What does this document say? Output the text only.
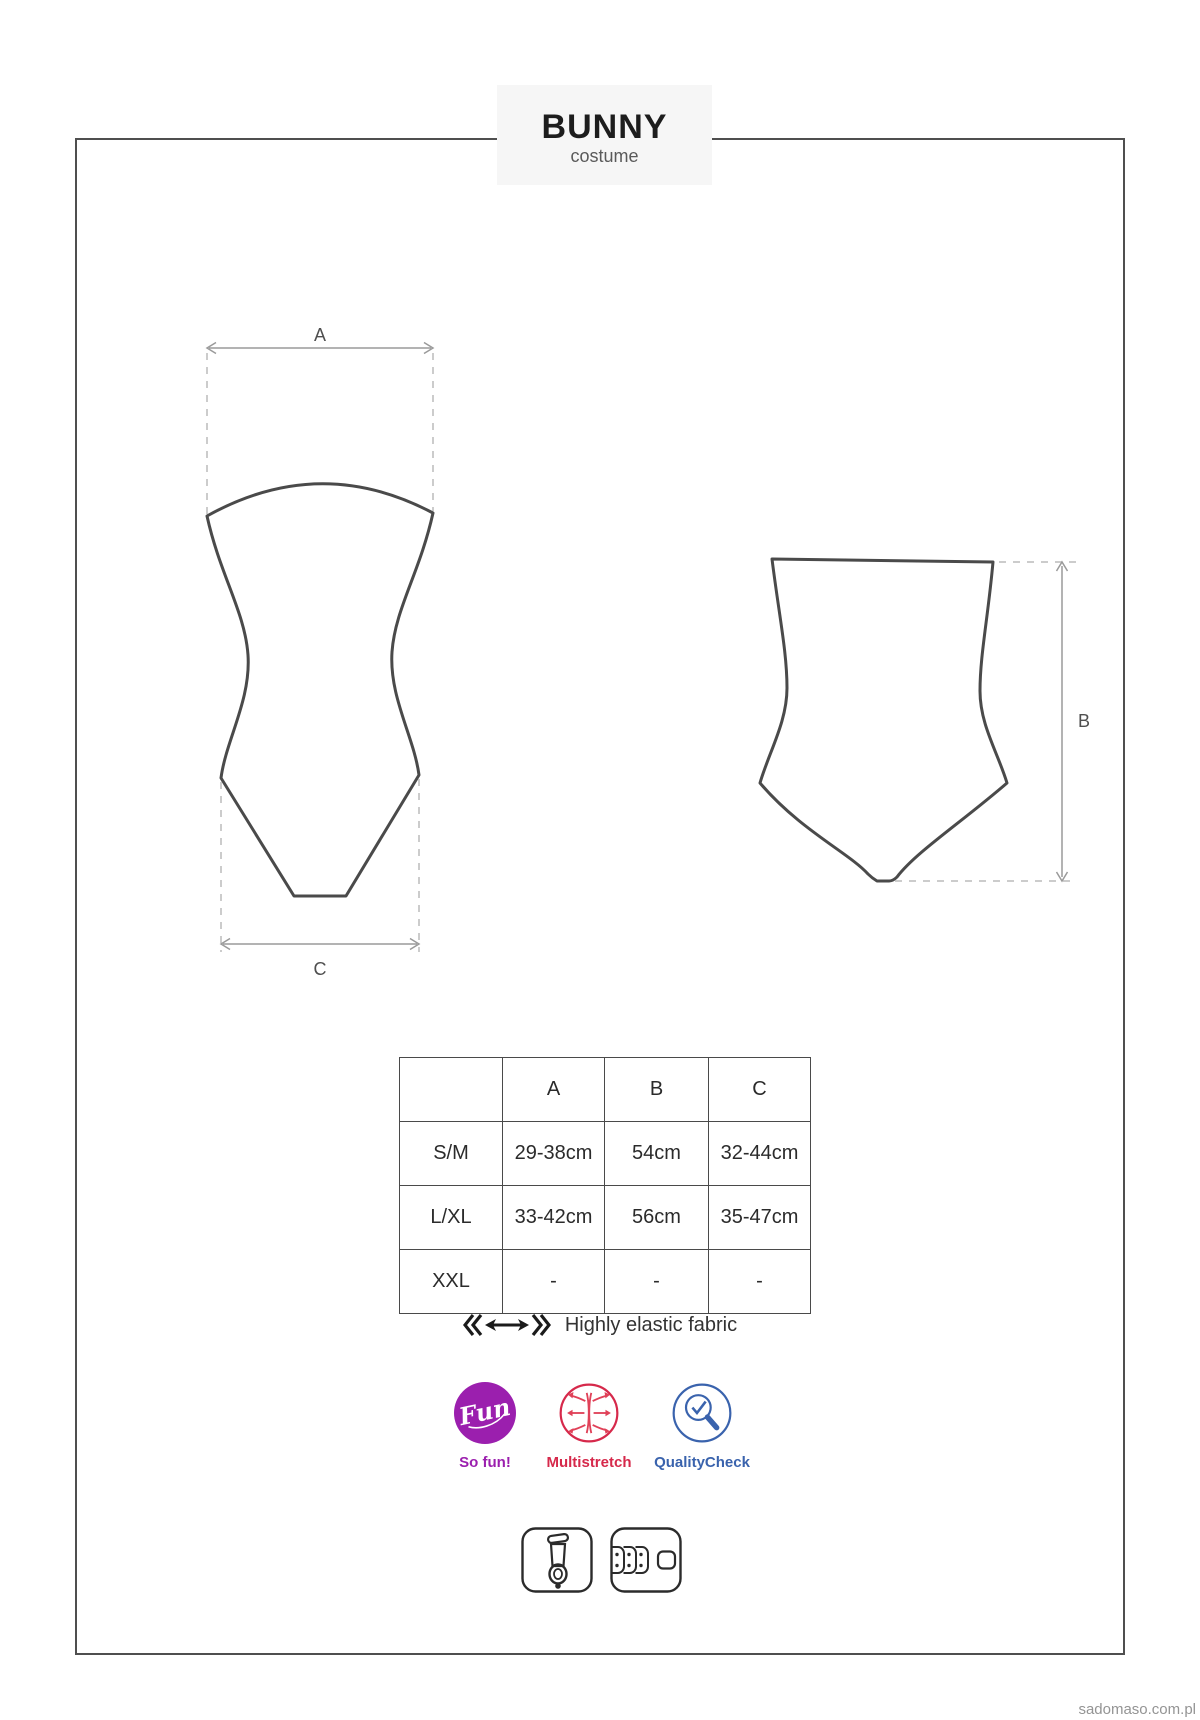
A
C
B
BUNNY
costume
	A	B	C
S/M	29-38cm	54cm	32-44cm
L/XL	33-42cm	56cm	35-47cm
XXL	-	-	-
Highly elastic fabric
Fun
So fun!	Multistretch	QualityCheck
sadomaso.com.pl
